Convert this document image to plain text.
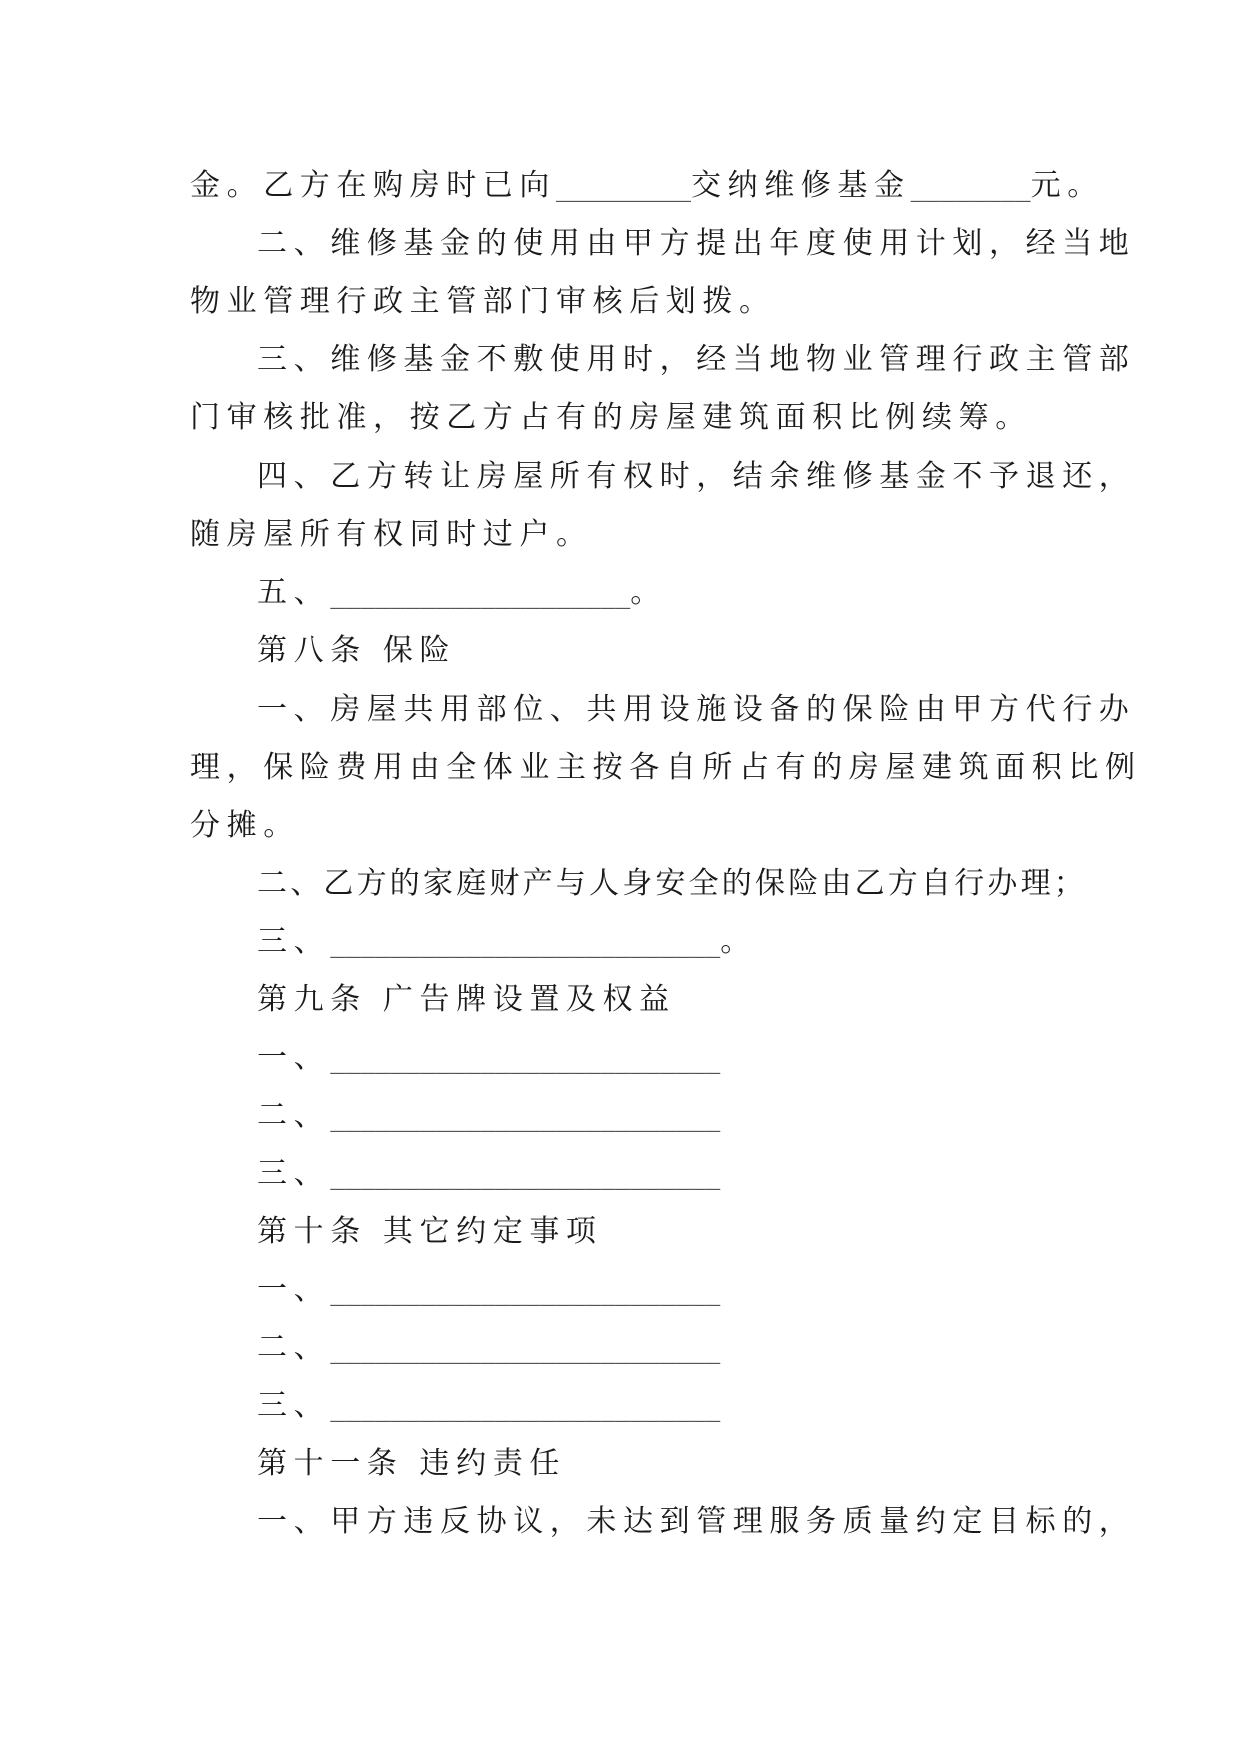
金。乙方在购房时已向_________交纳维修基金________元。
二、维修基金的使用由甲方提出年度使用计划，经当地
物业管理行政主管部门审核后划拨。
三、维修基金不敷使用时，经当地物业管理行政主管部
门审核批准，按乙方占有的房屋建筑面积比例续筹。
四、乙方转让房屋所有权时，结余维修基金不予退还，
随房屋所有权同时过户。
五、____________________。
第八条 保险
一、房屋共用部位、共用设施设备的保险由甲方代行办
理，保险费用由全体业主按各自所占有的房屋建筑面积比例
分摊。
二、乙方的家庭财产与人身安全的保险由乙方自行办理；
三、__________________________。
第九条 广告牌设置及权益
一、__________________________
二、__________________________
三、__________________________
第十条 其它约定事项
一、__________________________
二、__________________________
三、__________________________
第十一条 违约责任
一、甲方违反协议，未达到管理服务质量约定目标的，
